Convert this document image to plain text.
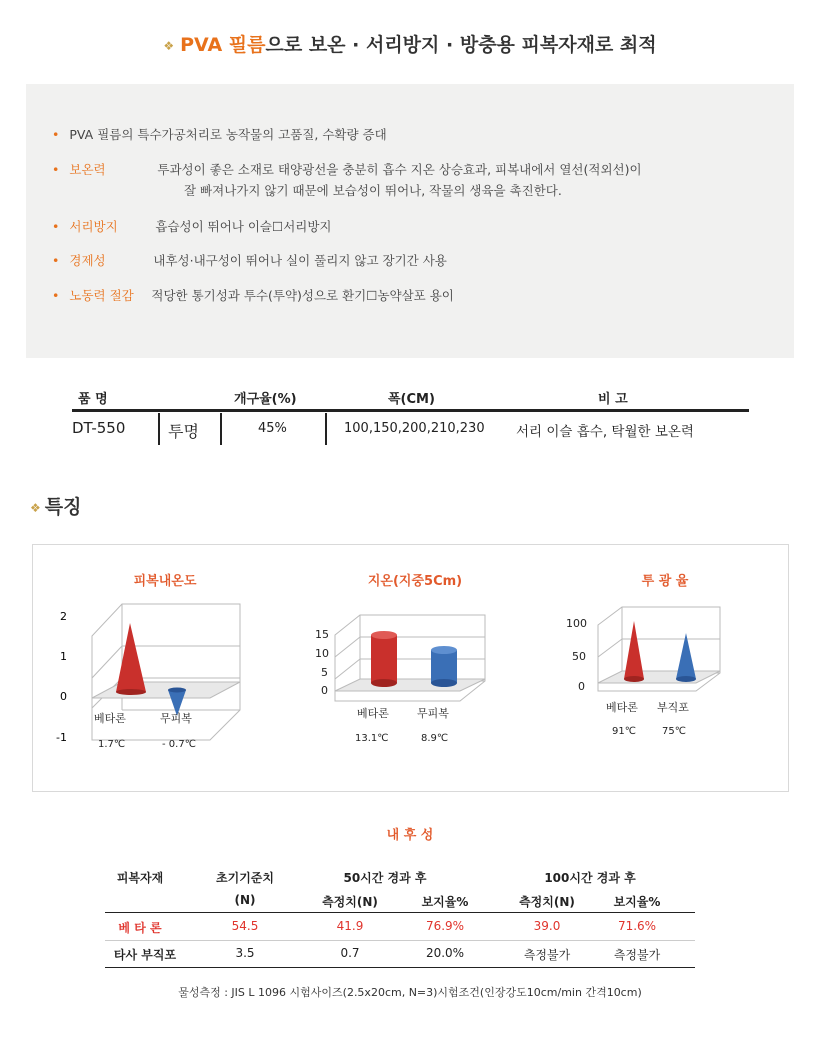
❖ PVA 필름으로 보온 · 서리방지 · 방충용 피복자재로 최적
• PVA 필름의 특수가공처리로 농작물의 고품질, 수확량 증대
• 보온력	투과성이 좋은 소재로 태양광선을 충분히 흡수 지온 상승효과, 피복내에서 열선(적외선)이
잘 빠져나가지 않기 때문에 보습성이 뛰어나, 작물의 생육을 촉진한다.
• 서리방지	흡습성이 뛰어나 이슬☐서리방지
• 경제성	내후성·내구성이 뛰어나 실이 풀리지 않고 장기간 사용
• 노동력 절감 적당한 통기성과 투수(투약)성으로 환기☐농약살포 용이
품 명	개구율(%)	폭(CM)	비 고
DT-550	투명	45%	100,150,200,210,230 서리 이슬 흡수, 탁월한 보온력
❖ 특징
피복내온도
2
1
0
-1
베타론	무피복
1.7℃	- 0.7℃
지온(지중5Cm)
15
10
5
0
베타론	무피복
13.1℃	8.9℃
투 광 율
100
50
0
베타론 부직포
91℃	75℃
내 후 성
피복자재	초기기준치
(N)
50시간 경과 후	100시간 경과 후
측정치(N)	보지율%	측정치(N)	보지율%
베 타 론	54.5	41.9	76.9%	39.0	71.6%
타사 부직포	3.5	0.7	20.0%	측정불가	측정불가
물성측정 : JIS L 1096 시험사이즈(2.5x20cm, N=3)시험조건(인장강도10cm/min 간격10cm)
